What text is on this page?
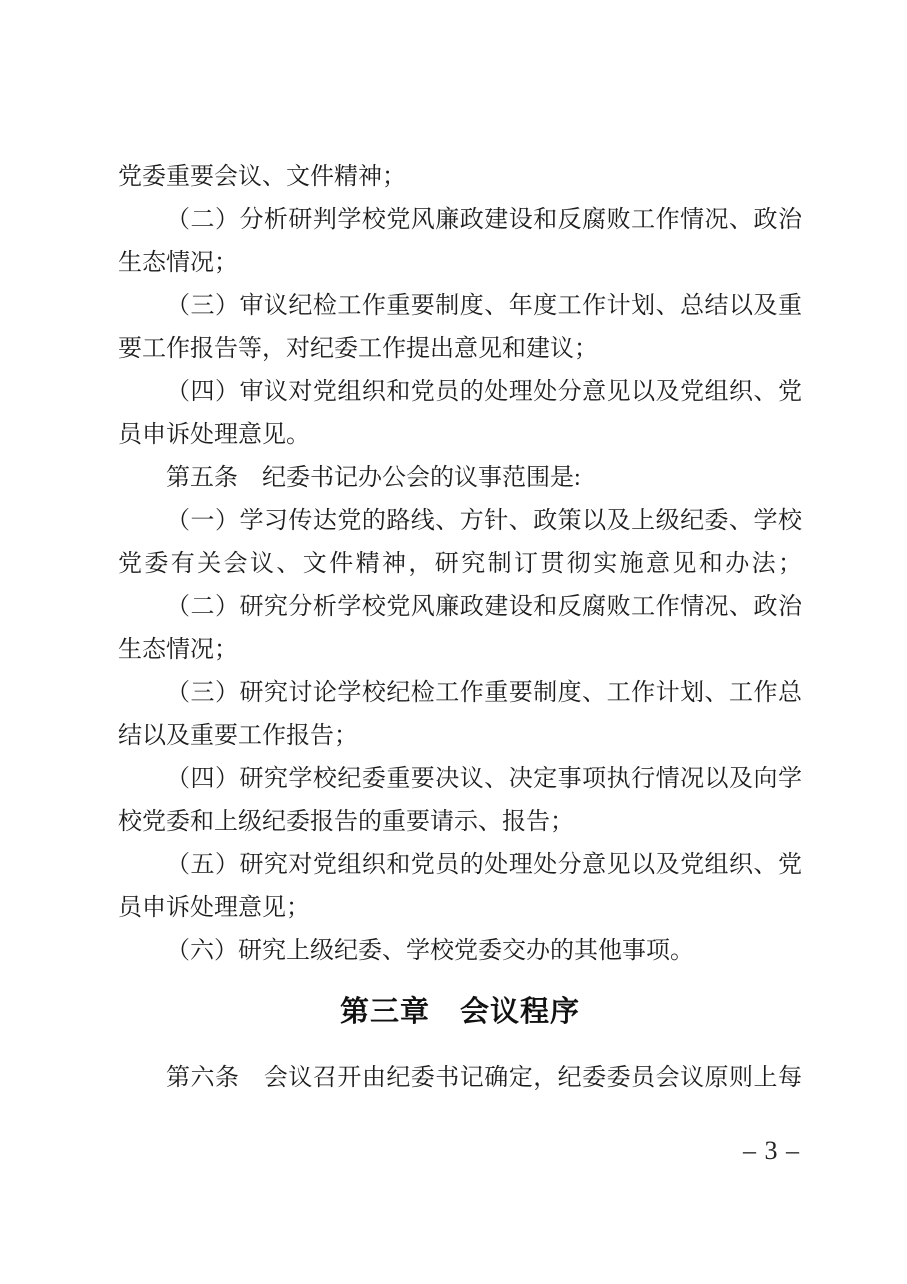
党委重要会议、文件精神；
（二）分析研判学校党风廉政建设和反腐败工作情况、政治
生态情况；
（三）审议纪检工作重要制度、年度工作计划、总结以及重
要工作报告等，对纪委工作提出意见和建议；
（四）审议对党组织和党员的处理处分意见以及党组织、党
员申诉处理意见。
第五条　纪委书记办公会的议事范围是:
（一）学习传达党的路线、方针、政策以及上级纪委、学校
党委有关会议、文件精神，研究制订贯彻实施意见和办法；
（二）研究分析学校党风廉政建设和反腐败工作情况、政治
生态情况；
（三）研究讨论学校纪检工作重要制度、工作计划、工作总
结以及重要工作报告；
（四）研究学校纪委重要决议、决定事项执行情况以及向学
校党委和上级纪委报告的重要请示、报告；
（五）研究对党组织和党员的处理处分意见以及党组织、党
员申诉处理意见；
（六）研究上级纪委、学校党委交办的其他事项。
第三章　会议程序
第六条　会议召开由纪委书记确定，纪委委员会议原则上每
– 3 –
